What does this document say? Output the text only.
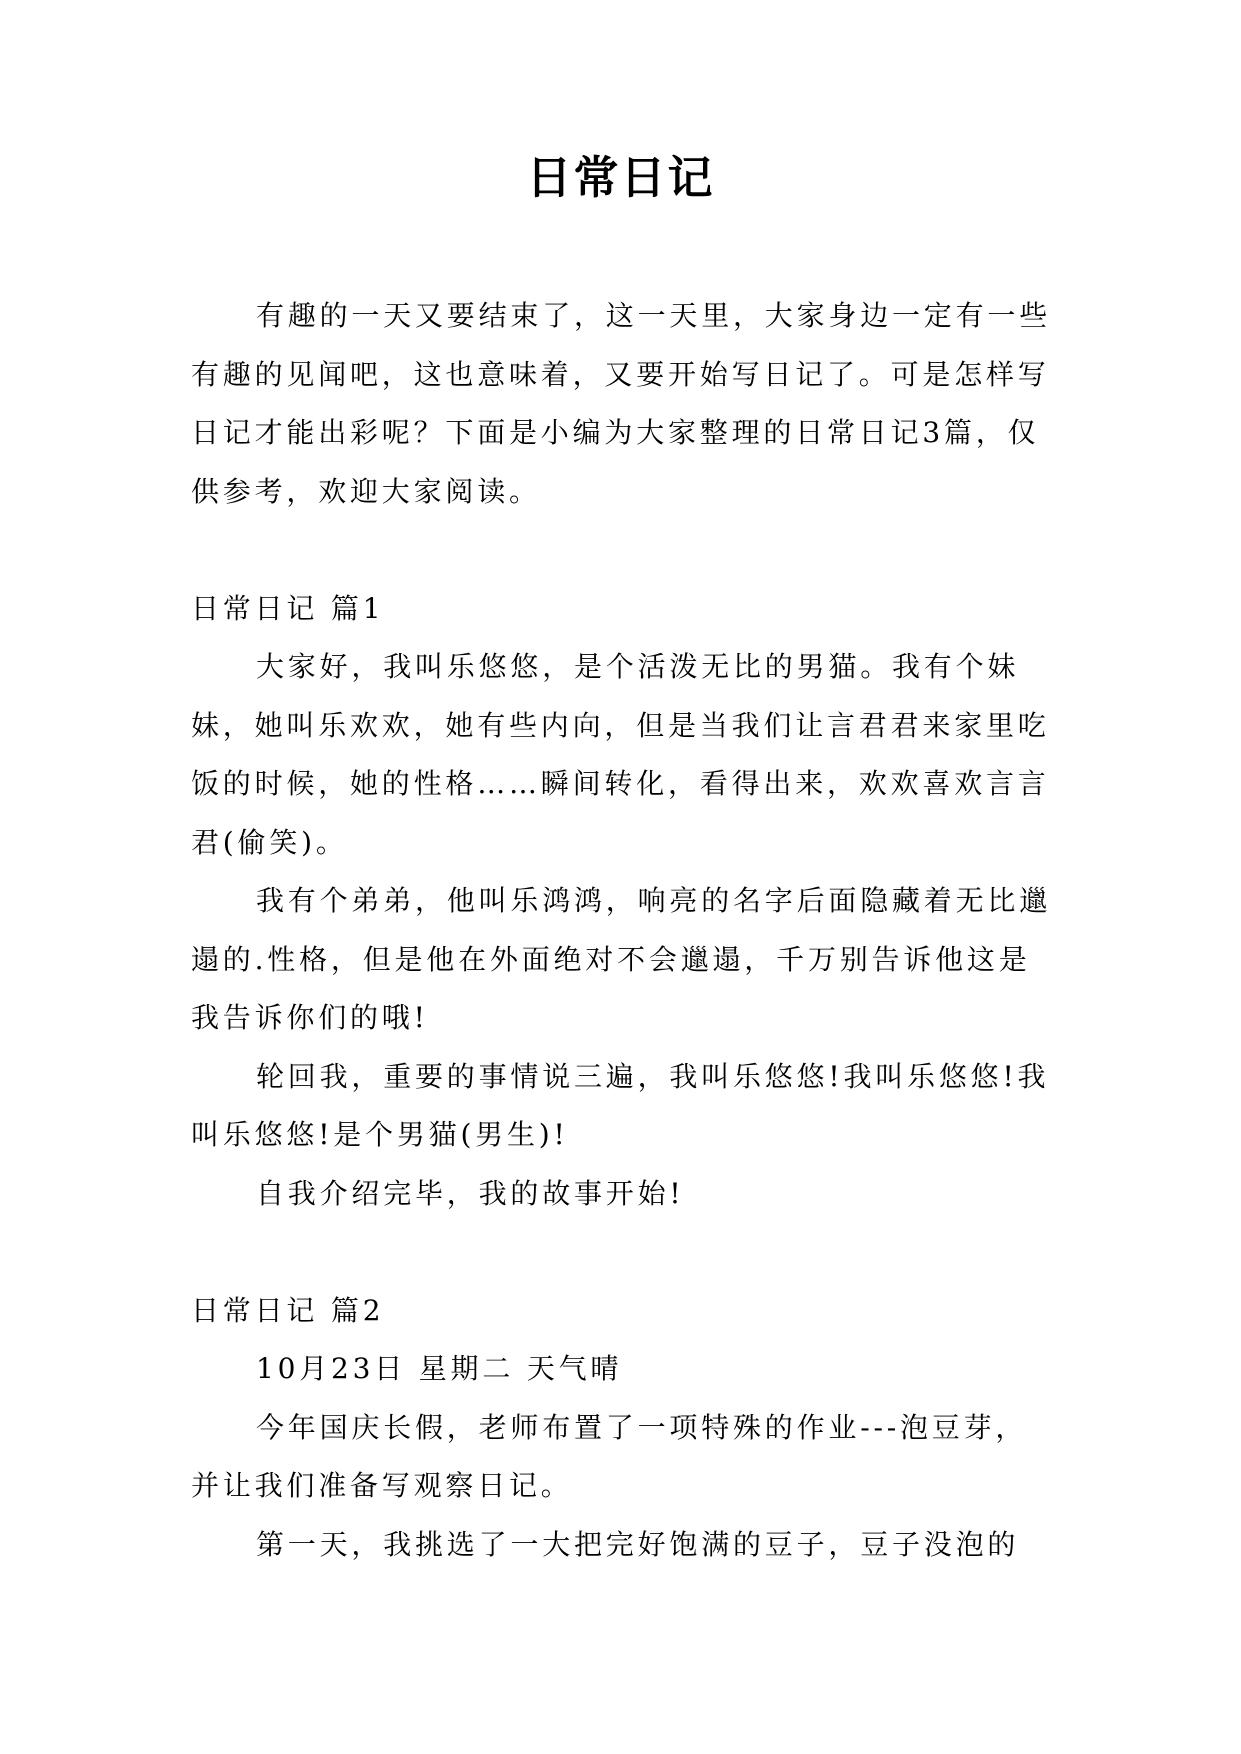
日常日记

有趣的一天又要结束了，这一天里，大家身边一定有一些有趣的见闻吧，这也意味着，又要开始写日记了。可是怎样写日记才能出彩呢？下面是小编为大家整理的日常日记3篇，仅供参考，欢迎大家阅读。

日常日记 篇1

大家好，我叫乐悠悠，是个活泼无比的男猫。我有个妹妹，她叫乐欢欢，她有些内向，但是当我们让言君君来家里吃饭的时候，她的性格……瞬间转化，看得出来，欢欢喜欢言言君(偷笑)。

我有个弟弟，他叫乐鸿鸿，响亮的名字后面隐藏着无比邋遢的.性格，但是他在外面绝对不会邋遢，千万别告诉他这是我告诉你们的哦!

轮回我，重要的事情说三遍，我叫乐悠悠!我叫乐悠悠!我叫乐悠悠!是个男猫(男生)!

自我介绍完毕，我的故事开始!

日常日记 篇2

10月23日 星期二 天气晴

今年国庆长假，老师布置了一项特殊的作业---泡豆芽，并让我们准备写观察日记。

第一天，我挑选了一大把完好饱满的豆子，豆子没泡的
